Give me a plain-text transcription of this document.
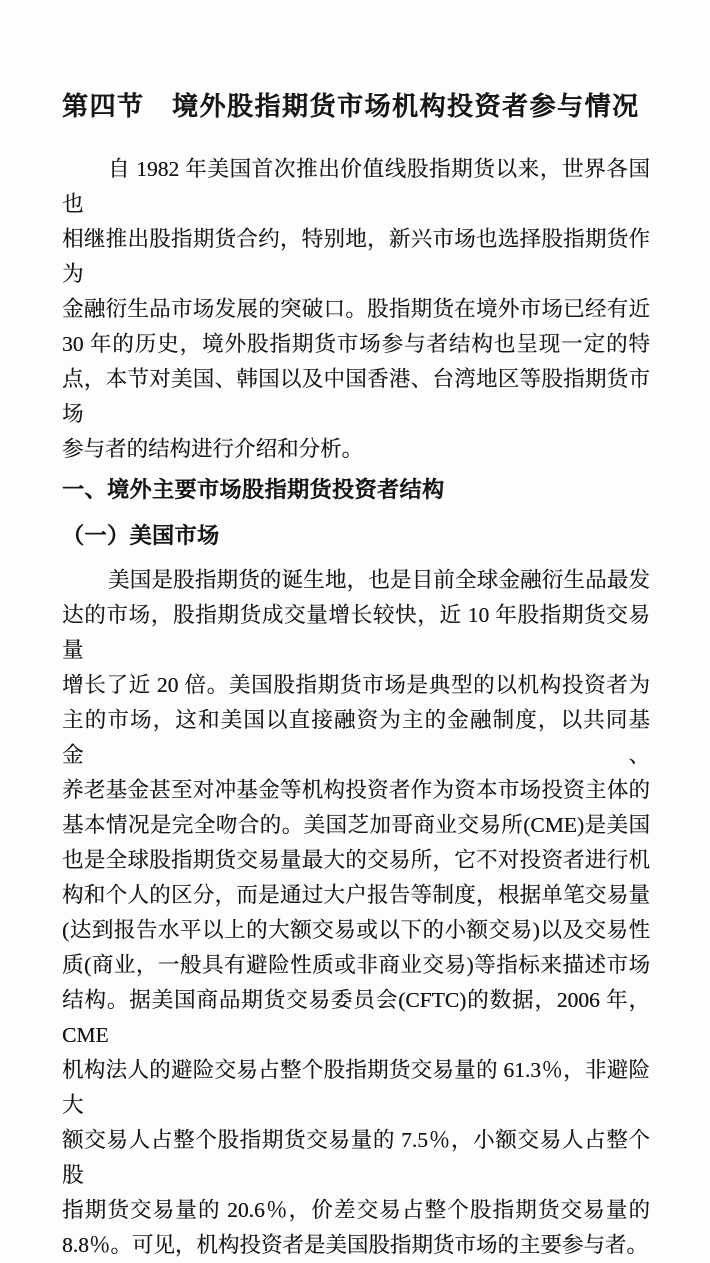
第四节　境外股指期货市场机构投资者参与情况

自 1982 年美国首次推出价值线股指期货以来，世界各国也

相继推出股指期货合约，特别地，新兴市场也选择股指期货作为

金融衍生品市场发展的突破口。股指期货在境外市场已经有近

30 年的历史，境外股指期货市场参与者结构也呈现一定的特

点，本节对美国、韩国以及中国香港、台湾地区等股指期货市场

参与者的结构进行介绍和分析。

一、境外主要市场股指期货投资者结构
（一）美国市场

美国是股指期货的诞生地，也是目前全球金融衍生品最发

达的市场，股指期货成交量增长较快，近 10 年股指期货交易量

增长了近 20 倍。美国股指期货市场是典型的以机构投资者为

主的市场，这和美国以直接融资为主的金融制度，以共同基金、

养老基金甚至对冲基金等机构投资者作为资本市场投资主体的

基本情况是完全吻合的。美国芝加哥商业交易所(CME)是美国

也是全球股指期货交易量最大的交易所，它不对投资者进行机

构和个人的区分，而是通过大户报告等制度，根据单笔交易量

(达到报告水平以上的大额交易或以下的小额交易)以及交易性

质(商业，一般具有避险性质或非商业交易)等指标来描述市场

结构。据美国商品期货交易委员会(CFTC)的数据，2006 年，CME

机构法人的避险交易占整个股指期货交易量的 61.3％，非避险大

额交易人占整个股指期货交易量的 7.5％，小额交易人占整个股

指期货交易量的 20.6％，价差交易占整个股指期货交易量的

8.8％。可见，机构投资者是美国股指期货市场的主要参与者。
